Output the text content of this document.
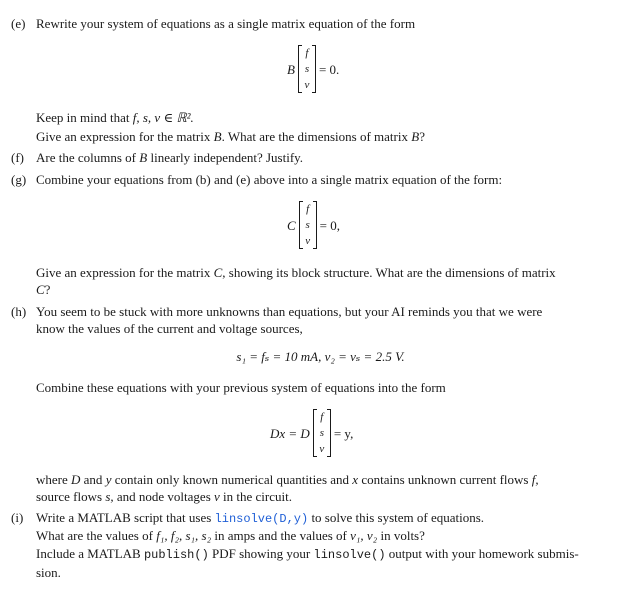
(e) Rewrite your system of equations as a single matrix equation of the form
B
f
s
v
= 0.
Keep in mind that f, s, v ∈ ℝ².
Give an expression for the matrix B. What are the dimensions of matrix B?
(f) Are the columns of B linearly independent? Justify.
(g) Combine your equations from (b) and (e) above into a single matrix equation of the form:
C
f
s
v
= 0,
Give an expression for the matrix C, showing its block structure. What are the dimensions of matrix
C?
(h) You seem to be stuck with more unknowns than equations, but your AI reminds you that we were
know the values of the current and voltage sources,
s₁ = fₛ = 10 mA, v₂ = vₛ = 2.5 V.
Combine these equations with your previous system of equations into the form
Dx = D
f
s
v
= y,
where D and y contain only known numerical quantities and x contains unknown current flows f,
source flows s, and node voltages v in the circuit.
(i) Write a MATLAB script that uses linsolve(D,y) to solve this system of equations.
What are the values of f₁, f₂, s₁, s₂ in amps and the values of v₁, v₂ in volts?
Include a MATLAB publish() PDF showing your linsolve() output with your homework submis-
sion.
